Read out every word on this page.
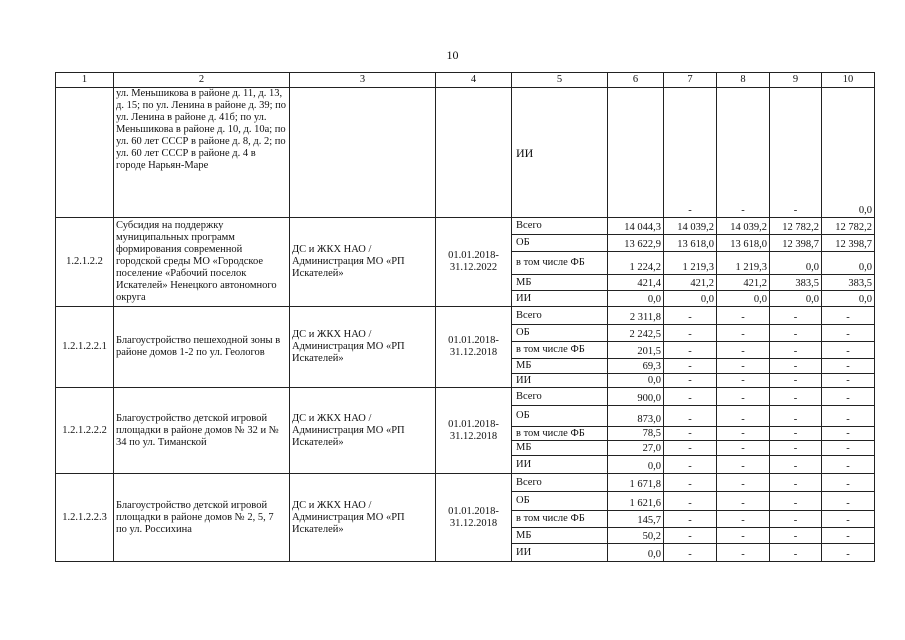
10
1	2	3	4	5	6	7	8	9	10
	ул. Меньшикова в районе д. 11, д. 13, д. 15; по ул. Ленина в районе д. 39; по ул. Ленина в районе д. 41б; по ул. Меньшикова в районе д. 10, д. 10а; по ул. 60 лет СССР в районе д. 8, д. 2; по ул. 60 лет СССР в районе д. 4 в городе Нарьян-Маре			ИИ		-	-	-	0,0
1.2.1.2.2	Субсидия на поддержку муниципальных программ формирования современной городской среды МО «Городское поселение «Рабочий поселок Искателей» Ненецкого автономного округа	ДС и ЖКХ НАО / Администрация МО «РП Искателей»	01.01.2018-31.12.2022	Всего	14 044,3	14 039,2	14 039,2	12 782,2	12 782,2
				ОБ	13 622,9	13 618,0	13 618,0	12 398,7	12 398,7
				в том числе ФБ	1 224,2	1 219,3	1 219,3	0,0	0,0
				МБ	421,4	421,2	421,2	383,5	383,5
				ИИ	0,0	0,0	0,0	0,0	0,0
1.2.1.2.2.1	Благоустройство пешеходной зоны в районе домов 1-2 по ул. Геологов	ДС и ЖКХ НАО / Администрация МО «РП Искателей»	01.01.2018-31.12.2018	Всего	2 311,8	-	-	-	-
				ОБ	2 242,5	-	-	-	-
				в том числе ФБ	201,5	-	-	-	-
				МБ	69,3	-	-	-	-
				ИИ	0,0	-	-	-	-
1.2.1.2.2.2	Благоустройство детской игровой площадки в районе домов № 32 и № 34 по ул. Тиманской	ДС и ЖКХ НАО / Администрация МО «РП Искателей»	01.01.2018-31.12.2018	Всего	900,0	-	-	-	-
				ОБ	873,0	-	-	-	-
				в том числе ФБ	78,5	-	-	-	-
				МБ	27,0	-	-	-	-
				ИИ	0,0	-	-	-	-
1.2.1.2.2.3	Благоустройство детской игровой площадки в районе домов № 2, 5, 7 по ул. Россихина	ДС и ЖКХ НАО / Администрация МО «РП Искателей»	01.01.2018-31.12.2018	Всего	1 671,8	-	-	-	-
				ОБ	1 621,6	-	-	-	-
				в том числе ФБ	145,7	-	-	-	-
				МБ	50,2	-	-	-	-
				ИИ	0,0	-	-	-	-
